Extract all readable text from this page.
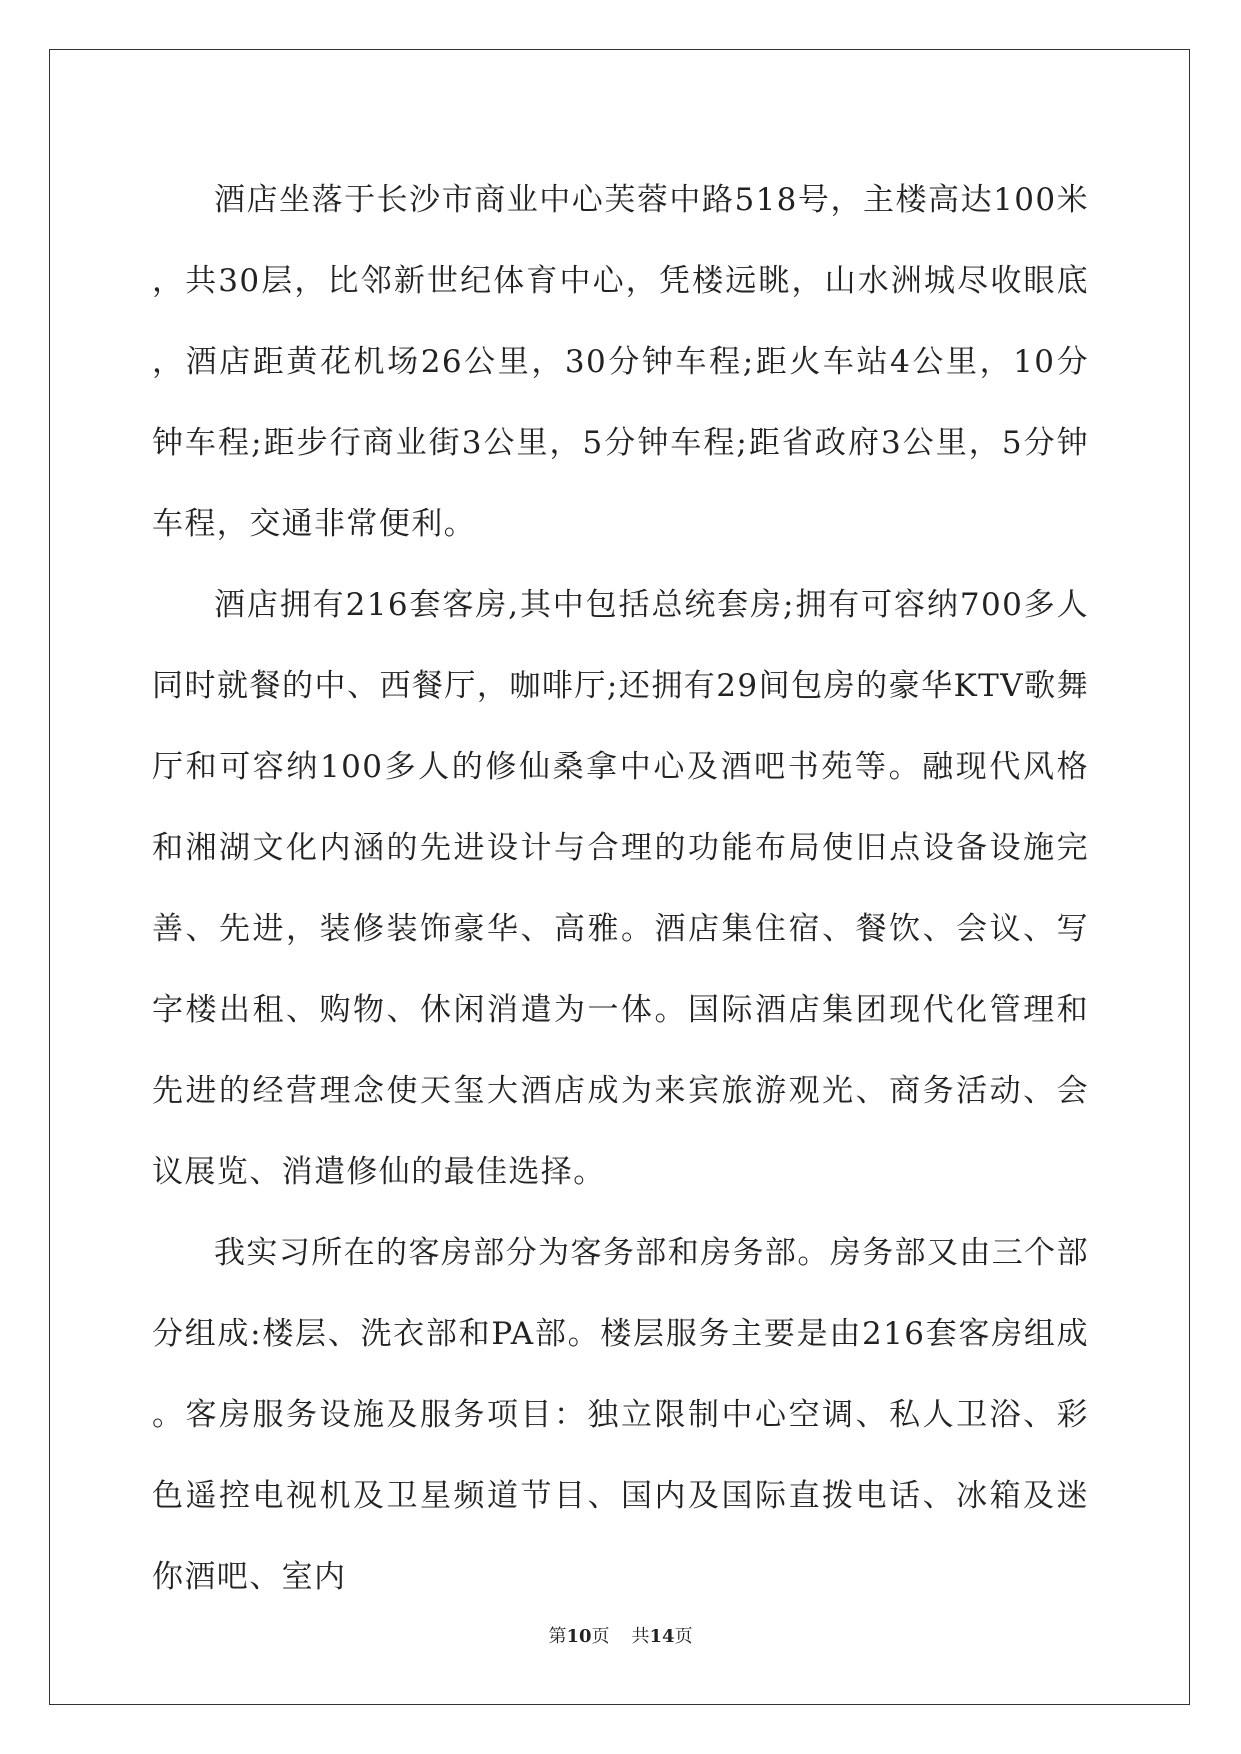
酒店坐落于长沙市商业中心芙蓉中路518号，主楼高达100米，共30层，比邻新世纪体育中心，凭楼远眺，山水洲城尽收眼底，酒店距黄花机场26公里，30分钟车程;距火车站4公里，10分钟车程;距步行商业街3公里，5分钟车程;距省政府3公里，5分钟车程，交通非常便利。

酒店拥有216套客房,其中包括总统套房;拥有可容纳700多人同时就餐的中、西餐厅，咖啡厅;还拥有29间包房的豪华KTV歌舞厅和可容纳100多人的修仙桑拿中心及酒吧书苑等。融现代风格和湘湖文化内涵的先进设计与合理的功能布局使旧点设备设施完善、先进，装修装饰豪华、高雅。酒店集住宿、餐饮、会议、写字楼出租、购物、休闲消遣为一体。国际酒店集团现代化管理和先进的经营理念使天玺大酒店成为来宾旅游观光、商务活动、会议展览、消遣修仙的最佳选择。

我实习所在的客房部分为客务部和房务部。房务部又由三个部分组成:楼层、洗衣部和PA部。楼层服务主要是由216套客房组成。客房服务设施及服务项目：独立限制中心空调、私人卫浴、彩色遥控电视机及卫星频道节目、国内及国际直拨电话、冰箱及迷你酒吧、室内

第10页 共14页
